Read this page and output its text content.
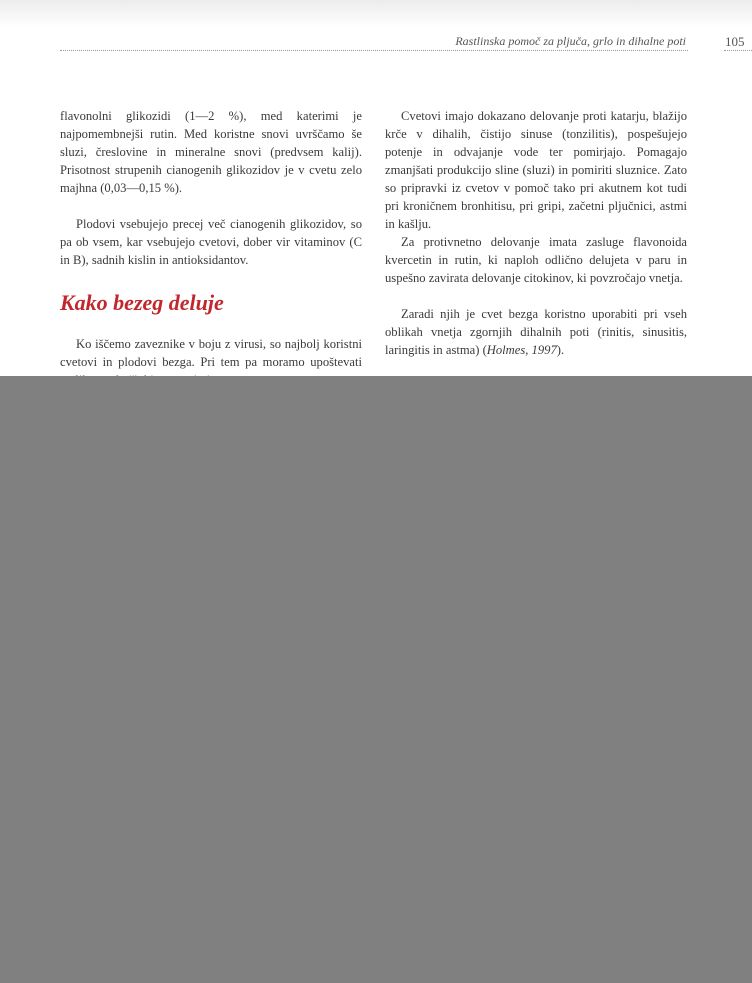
Rastlinska pomoč za pljuča, grlo in dihalne poti	105

flavonolni glikozidi (1—2 %), med katerimi je najpomembnejši rutin. Med koristne snovi uvrščamo še sluzi, čreslovine in mineralne snovi (predvsem kalij). Prisotnost strupenih cianogenih glikozidov je v cvetu zelo majhna (0,03—0,15 %).

Plodovi vsebujejo precej več cianogenih glikozidov, so pa ob vsem, kar vsebujejo cvetovi, dober vir vitaminov (C in B), sadnih kislin in antioksidantov.

Kako bezeg deluje

Ko iščemo zaveznike v boju z virusi, so najbolj koristni cvetovi in plodovi bezga. Pri tem pa moramo upoštevati

Cvetovi imajo dokazano delovanje proti katarju, blažijo krče v dihalih, čistijo sinuse (tonzilitis), pospešujejo potenje in odvajanje vode ter pomirjajo. Pomagajo zmanjšati produkcijo sline (sluzi) in pomiriti sluznice. Zato so pripravki iz cvetov v pomoč tako pri akutnem kot tudi pri kroničnem bronhitisu, pri gripi, začetni pljučnici, astmi in kašlju.

Za protivnetno delovanje imata zasluge flavonoida kvercetin in rutin, ki naploh odlično delujeta v paru in uspešno zavirata delovanje citokinov, ki povzročajo vnetja.

Zaradi njih je cvet bezga koristno uporabiti pri vseh oblikah vnetja zgornjih dihalnih poti (rinitis, sinusitis, laringitis in astma) (Holmes, 1997).
